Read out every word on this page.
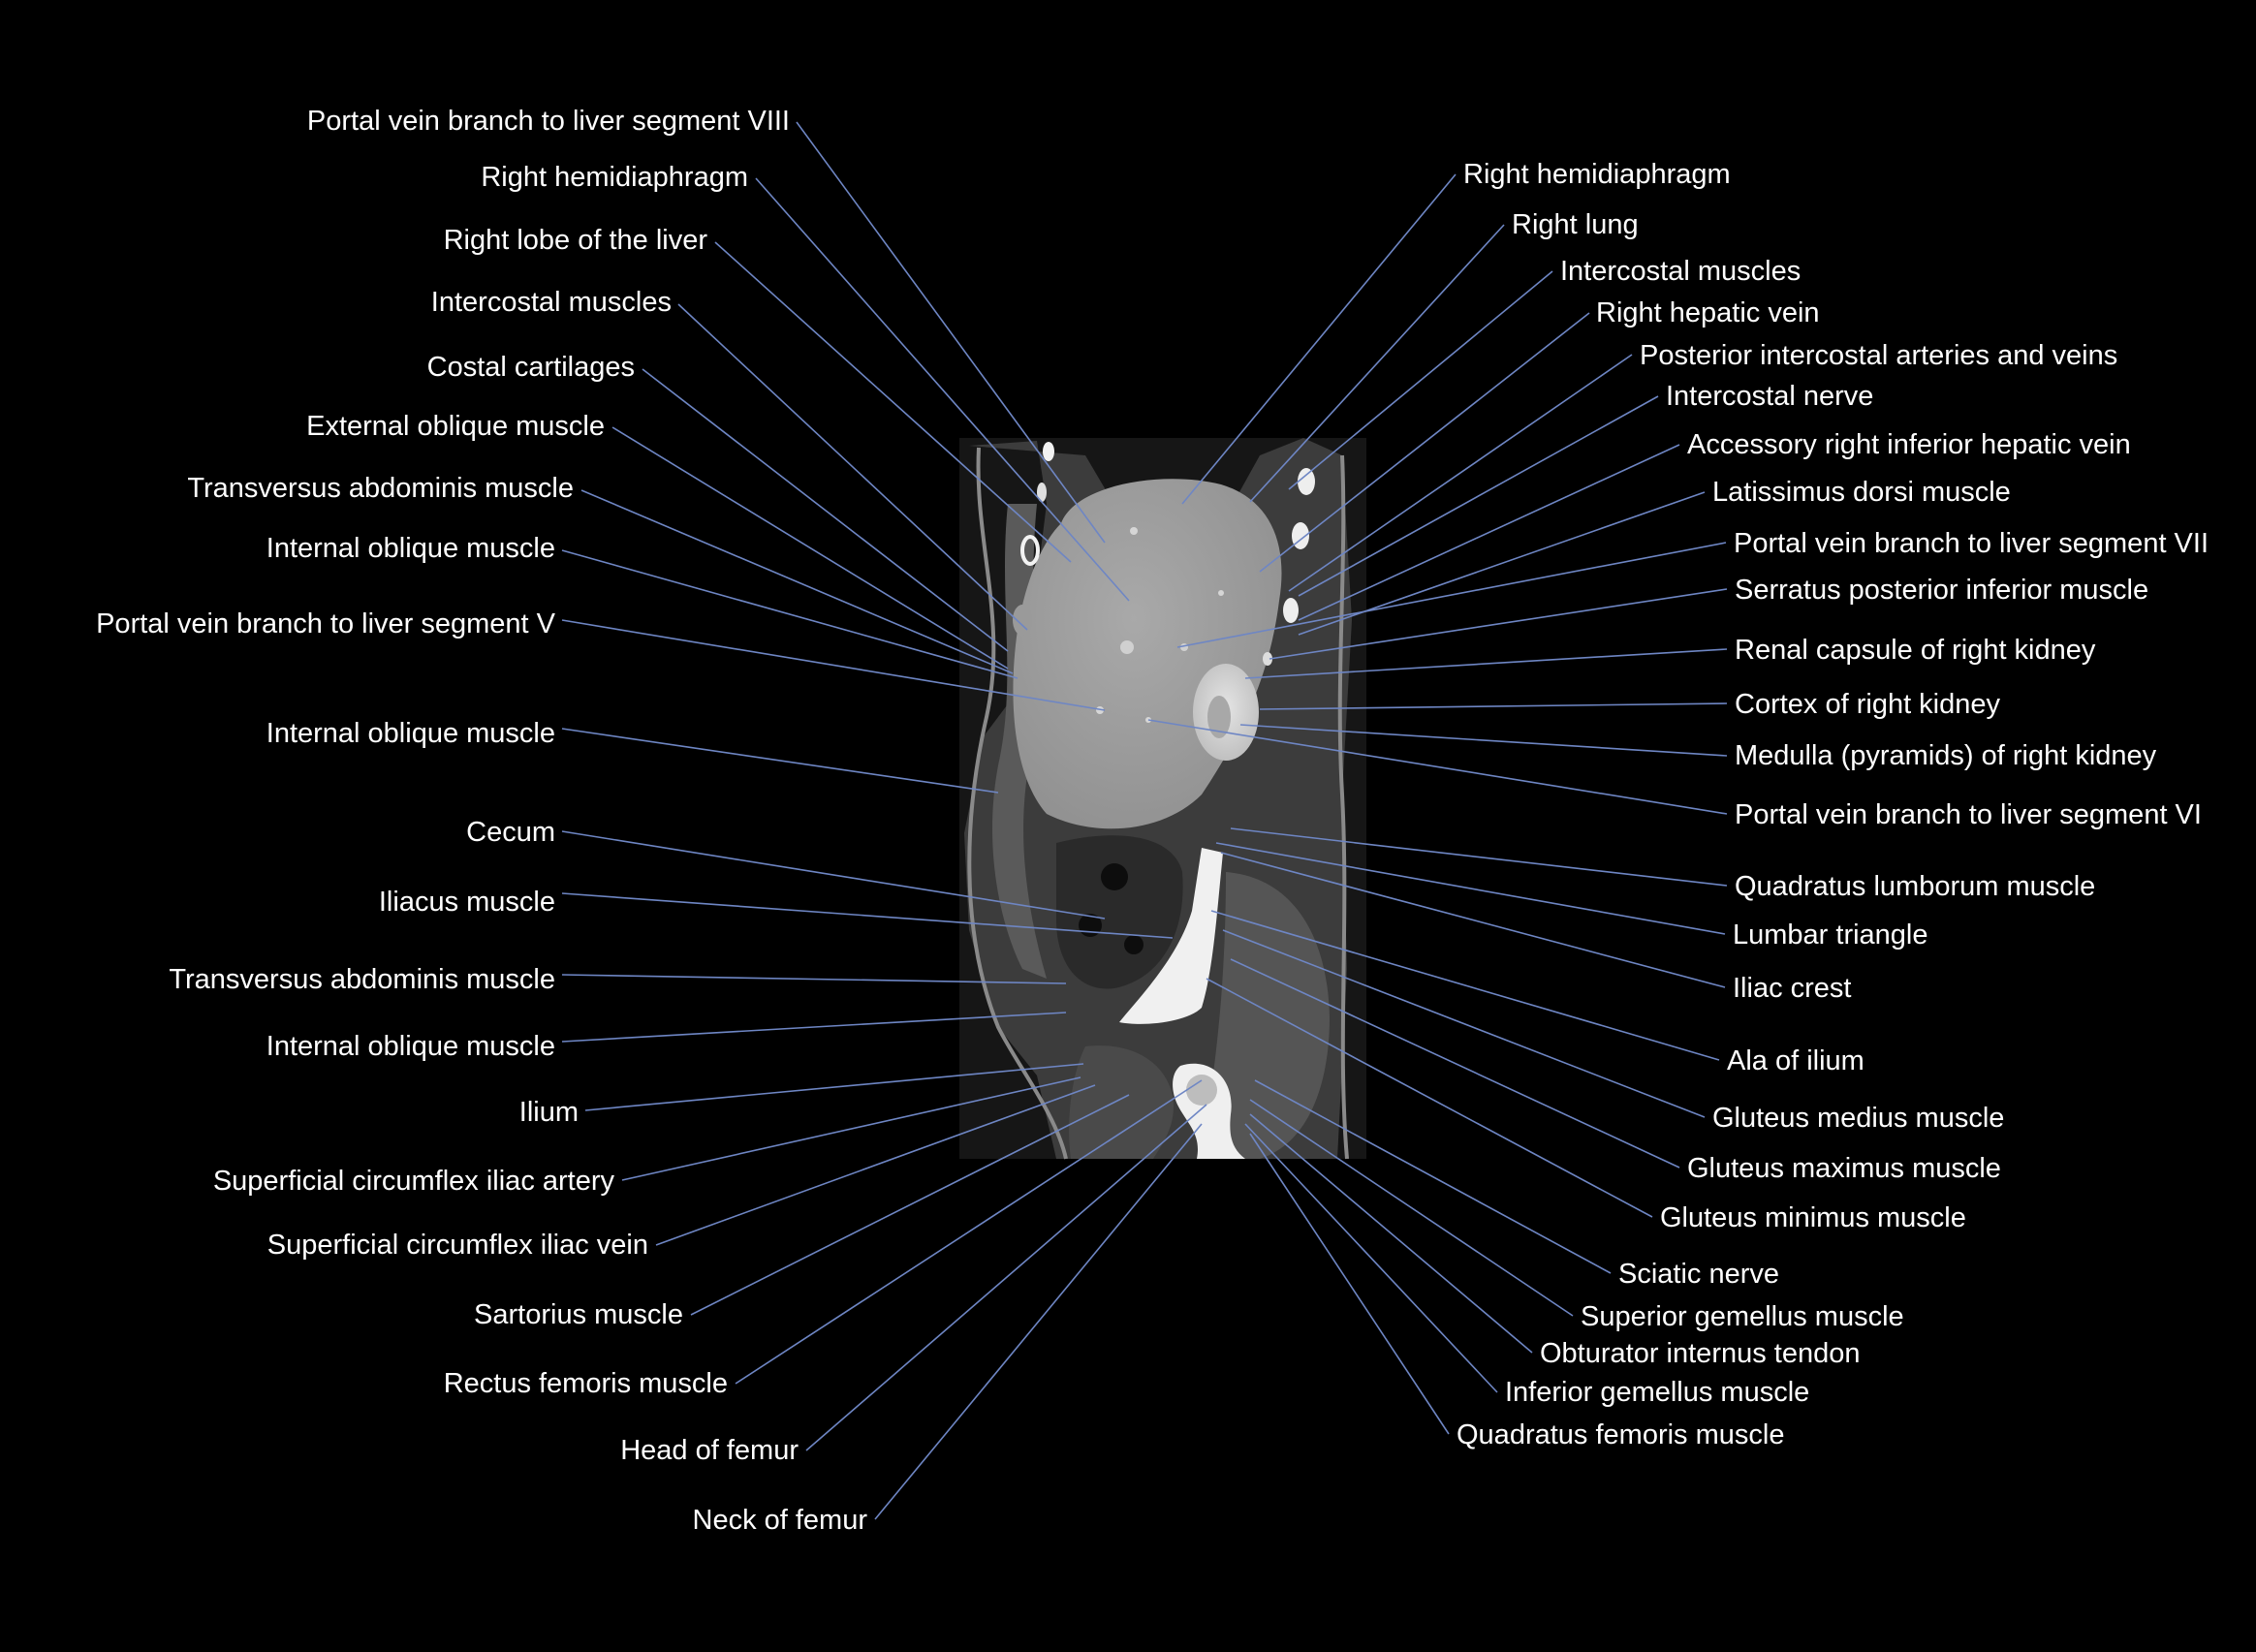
Portal vein branch to liver segment VIII
Right hemidiaphragm
Right lobe of the liver
Intercostal muscles
Costal cartilages
External oblique muscle
Transversus abdominis muscle
Internal oblique muscle
Portal vein branch to liver segment V
Internal oblique muscle
Cecum
Iliacus muscle
Transversus abdominis muscle
Internal oblique muscle
Ilium
Superficial circumflex iliac artery
Superficial circumflex iliac vein
Sartorius muscle
Rectus femoris muscle
Head of femur
Neck of femur
Right hemidiaphragm
Right lung
Intercostal muscles
Right hepatic vein
Posterior intercostal arteries and veins
Intercostal nerve
Accessory right inferior hepatic vein
Latissimus dorsi muscle
Portal vein branch to liver segment VII
Serratus posterior inferior muscle
Renal capsule of right kidney
Cortex of right kidney
Medulla (pyramids) of right kidney
Portal vein branch to liver segment VI
Quadratus lumborum muscle
Lumbar triangle
Iliac crest
Ala of ilium
Gluteus medius muscle
Gluteus maximus muscle
Gluteus minimus muscle
Sciatic nerve
Superior gemellus muscle
Obturator internus tendon
Inferior gemellus muscle
Quadratus femoris muscle
